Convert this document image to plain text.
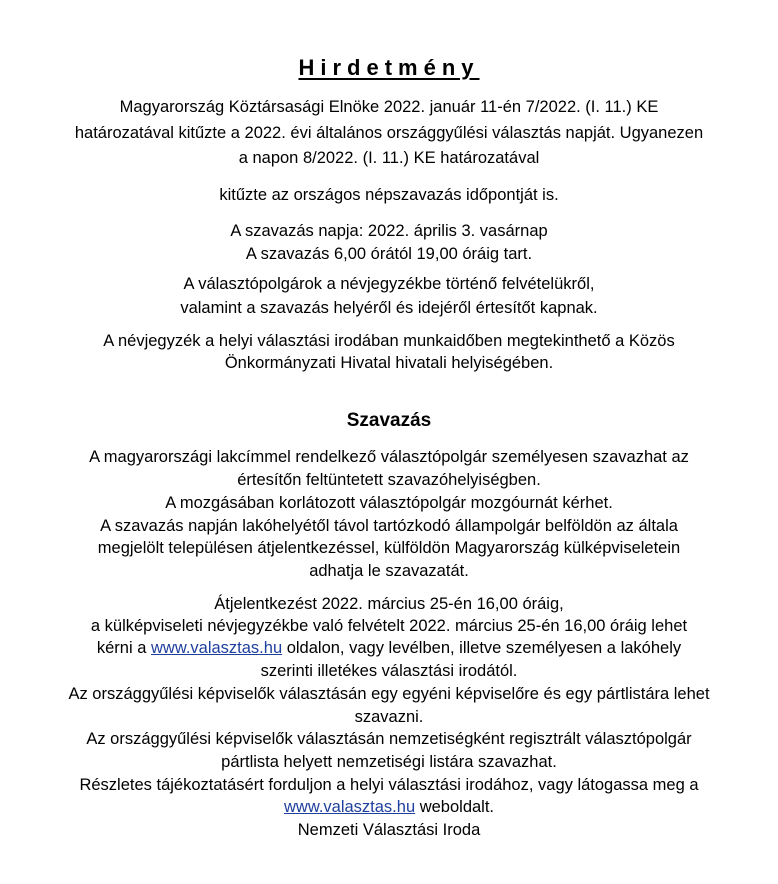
Hirdetmény
Magyarország Köztársasági Elnöke 2022. január 11-én 7/2022. (I. 11.) KE
határozatával kitűzte a 2022. évi általános országgyűlési választás napját. Ugyanezen
a napon 8/2022. (I. 11.) KE határozatával
kitűzte az országos népszavazás időpontját is.
A szavazás napja: 2022. április 3. vasárnap
A szavazás 6,00 órától 19,00 óráig tart.
A választópolgárok a névjegyzékbe történő felvételükről,
valamint a szavazás helyéről és idejéről értesítőt kapnak.
A névjegyzék a helyi választási irodában munkaidőben megtekinthető a Közös
Önkormányzati Hivatal hivatali helyiségében.
Szavazás
A magyarországi lakcímmel rendelkező választópolgár személyesen szavazhat az
értesítőn feltüntetett szavazóhelyiségben.
A mozgásában korlátozott választópolgár mozgóurnát kérhet.
A szavazás napján lakóhelyétől távol tartózkodó állampolgár belföldön az általa
megjelölt településen átjelentkezéssel, külföldön Magyarország külképviseletein
adhatja le szavazatát.
Átjelentkezést 2022. március 25-én 16,00 óráig,
a külképviseleti névjegyzékbe való felvételt 2022. március 25-én 16,00 óráig lehet
kérni a www.valasztas.hu oldalon, vagy levélben, illetve személyesen a lakóhely
szerinti illetékes választási irodától.
Az országgyűlési képviselők választásán egy egyéni képviselőre és egy pártlistára lehet
szavazni.
Az országgyűlési képviselők választásán nemzetiségként regisztrált választópolgár
pártlista helyett nemzetiségi listára szavazhat.
Részletes tájékoztatásért forduljon a helyi választási irodához, vagy látogassa meg a
www.valasztas.hu weboldalt.
Nemzeti Választási Iroda
